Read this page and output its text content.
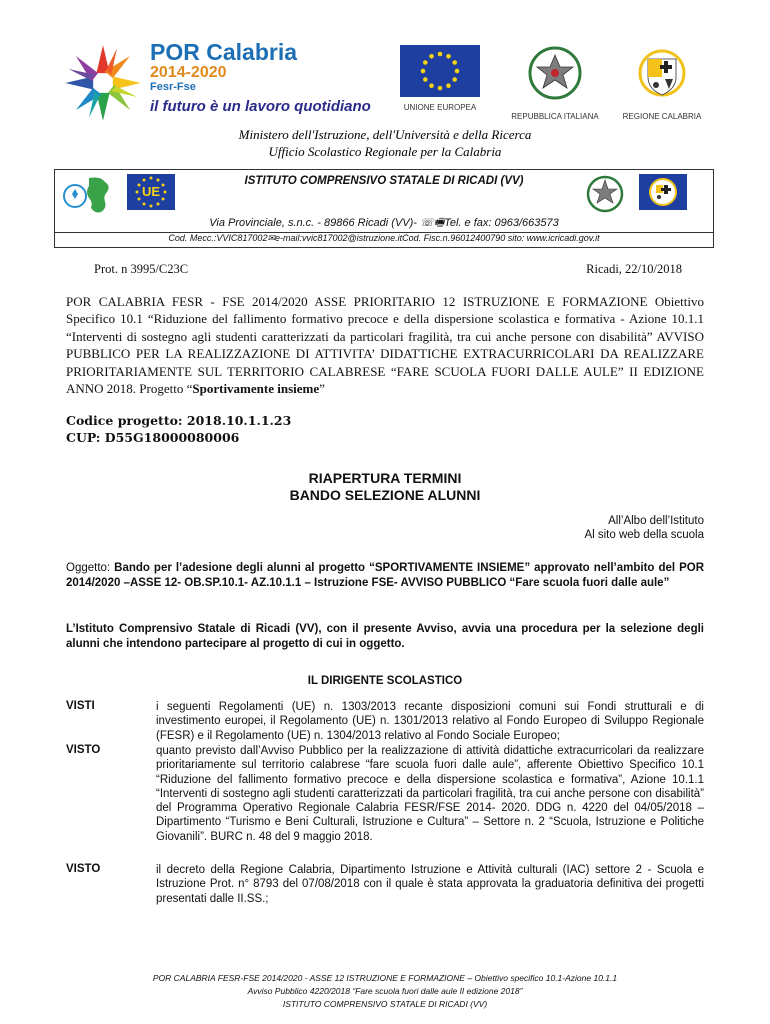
POR Calabria
2014-2020
Fesr-Fse
il futuro è un lavoro quotidiano	UNIONE EUROPEA
REPUBBLICA ITALIANA	REGIONE CALABRIA
Ministero dell'Istruzione, dell'Università e della Ricerca
Ufficio Scolastico Regionale per la Calabria
ISTITUTO COMPRENSIVO STATALE DI RICADI (VV)
UE
Via Provinciale, s.n.c. - 89866 Ricadi (VV)- ☏🖷Tel. e fax: 0963/663573
Cod. Mecc.:VVIC817002✉e-mail:vvic817002@istruzione.itCod. Fisc.n.96012400790 sito: www.icricadi.gov.it
Prot. n 3995/C23C	Ricadi, 22/10/2018
POR CALABRIA FESR - FSE 2014/2020 ASSE PRIORITARIO 12 ISTRUZIONE E FORMAZIONE Obiettivo Specifico 10.1 “Riduzione del fallimento formativo precoce e della dispersione scolastica e formativa - Azione 10.1.1 “Interventi di sostegno agli studenti caratterizzati da particolari fragilità, tra cui anche persone con disabilità” AVVISO PUBBLICO PER LA REALIZZAZIONE DI ATTIVITA’ DIDATTICHE EXTRACURRICOLARI DA REALIZZARE PRIORITARIAMENTE SUL TERRITORIO CALABRESE “FARE SCUOLA FUORI DALLE AULE” II EDIZIONE ANNO 2018. Progetto “Sportivamente insieme”
Codice progetto: 2018.10.1.1.23
CUP: D55G18000080006
RIAPERTURA TERMINI
BANDO SELEZIONE ALUNNI
All’Albo dell’Istituto
Al sito web della scuola
Oggetto: Bando per l’adesione degli alunni al progetto “SPORTIVAMENTE INSIEME” approvato nell’ambito del POR 2014/2020 –ASSE 12- OB.SP.10.1- AZ.10.1.1 – Istruzione FSE- AVVISO PUBBLICO “Fare scuola fuori dalle aule”
L’Istituto Comprensivo Statale di Ricadi (VV), con il presente Avviso, avvia una procedura per la selezione degli alunni che intendono partecipare al progetto di cui in oggetto.
IL DIRIGENTE SCOLASTICO
VISTI	i seguenti Regolamenti (UE) n. 1303/2013 recante disposizioni comuni sui Fondi strutturali e di investimento europei, il Regolamento (UE) n. 1301/2013 relativo al Fondo Europeo di Sviluppo Regionale (FESR) e il Regolamento (UE) n. 1304/2013 relativo al Fondo Sociale Europeo;
VISTO	quanto previsto dall’Avviso Pubblico per la realizzazione di attività didattiche extracurricolari da realizzare prioritariamente sul territorio calabrese “fare scuola fuori dalle aule”, afferente Obiettivo Specifico 10.1 “Riduzione del fallimento formativo precoce e della dispersione scolastica e formativa”, Azione 10.1.1 “Interventi di sostegno agli studenti caratterizzati da particolari fragilità, tra cui anche persone con disabilità” del Programma Operativo Regionale Calabria FESR/FSE 2014- 2020. DDG n. 4220 del 04/05/2018 – Dipartimento “Turismo e Beni Culturali, Istruzione e Cultura” – Settore n. 2 “Scuola, Istruzione e Politiche Giovanili”. BURC n. 48 del 9 maggio 2018.
VISTO	il decreto della Regione Calabria, Dipartimento Istruzione e Attività culturali (IAC) settore 2 - Scuola e Istruzione Prot. n° 8793 del 07/08/2018 con il quale è stata approvata la graduatoria definitiva dei progetti presentati dalle II.SS.;
POR CALABRIA FESR-FSE 2014/2020 - ASSE 12 ISTRUZIONE E FORMAZIONE – Obiettivo specifico 10.1-Azione 10.1.1
Avviso Pubblico 4220/2018 “Fare scuola fuori dalle aule II edizione 2018”
ISTITUTO COMPRENSIVO STATALE DI RICADI (VV)
